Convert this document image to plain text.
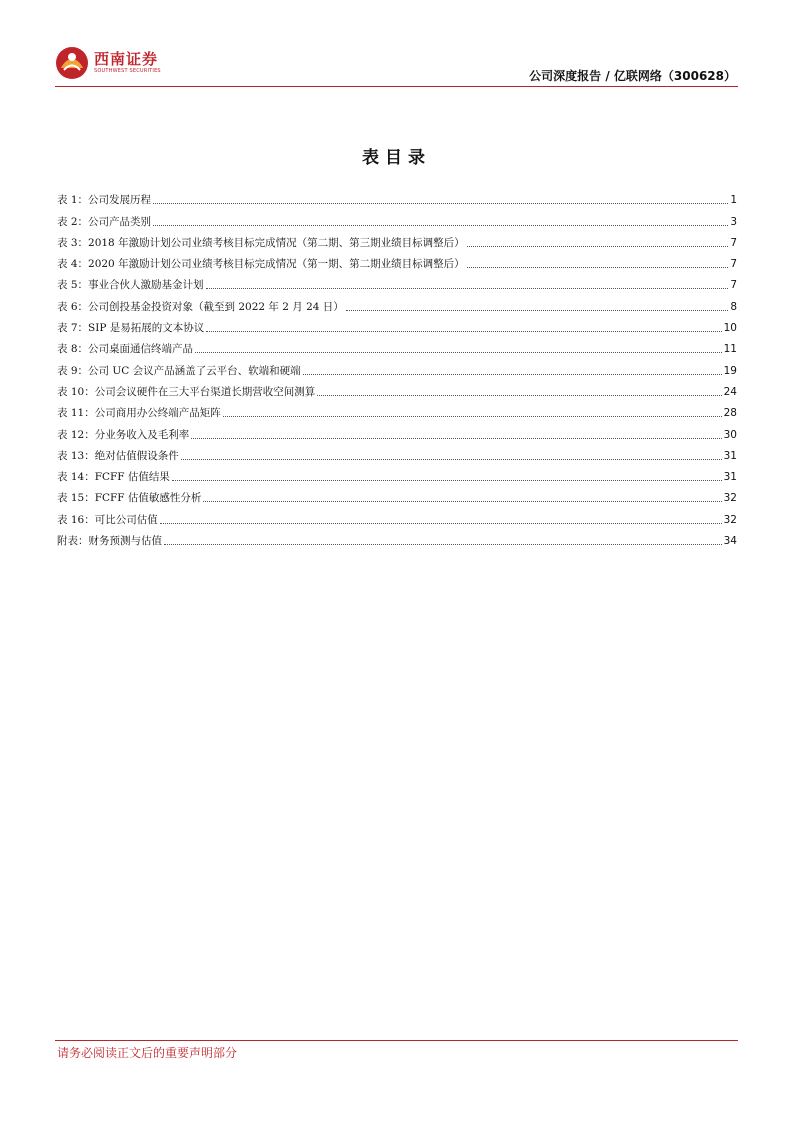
西南证券
SOUTHWEST SECURITIES	公司深度报告 / 亿联网络（300628）
表目录
表 1：公司发展历程	1
表 2：公司产品类别	3
表 3：2018 年激励计划公司业绩考核目标完成情况（第二期、第三期业绩目标调整后）	7
表 4：2020 年激励计划公司业绩考核目标完成情况（第一期、第二期业绩目标调整后）	7
表 5：事业合伙人激励基金计划	7
表 6：公司创投基金投资对象（截至到 2022 年 2 月 24 日）	8
表 7：SIP 是易拓展的文本协议	10
表 8：公司桌面通信终端产品	11
表 9：公司 UC 会议产品涵盖了云平台、软端和硬端	19
表 10：公司会议硬件在三大平台渠道长期营收空间测算	24
表 11：公司商用办公终端产品矩阵	28
表 12：分业务收入及毛利率	30
表 13：绝对估值假设条件	31
表 14：FCFF 估值结果	31
表 15：FCFF 估值敏感性分析	32
表 16：可比公司估值	32
附表：财务预测与估值	34
请务必阅读正文后的重要声明部分
